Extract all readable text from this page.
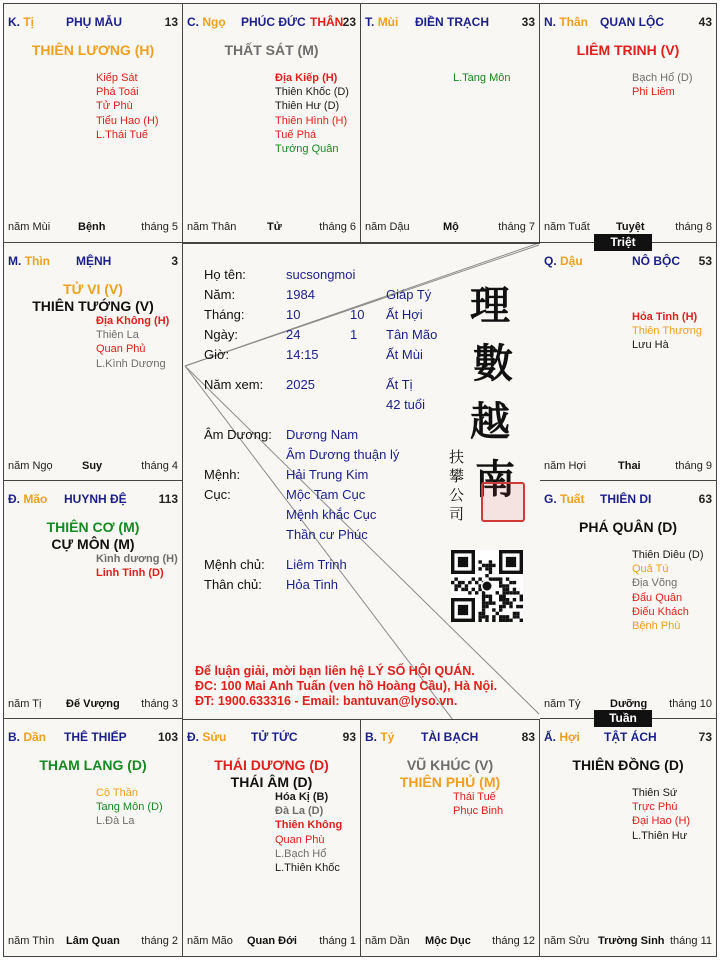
K. Tị	PHỤ MẪU	13
THIÊN LƯƠNG (H)
Kiếp Sát
Phá Toái
Tử Phù
Tiểu Hao (H)
L.Thái Tuế
năm Mùi	Bệnh	tháng 5
C. Ngọ PHÚC ĐỨC THÂN 23
THẤT SÁT (M)
Địa Kiếp (H)
Thiên Khốc (D)
Thiên Hư (D)
Thiên Hình (H)
Tuế Phá
Tướng Quân
năm Thân	Tử	tháng 6
T. Mùi ĐIỀN TRẠCH	33
L.Tang Môn
năm Dậu	Mộ	tháng 7
N. Thân QUAN LỘC	43
LIÊM TRINH (V)
Bạch Hổ (D)
Phi Liêm
năm Tuất Tuyệt	tháng 8
M. Thìn MỆNH	3
TỬ VI (V)
THIÊN TƯỚNG (V)
Địa Không (H)
Thiên La
Quan Phủ
L.Kình Dương
năm Ngọ	Suy	tháng 4
Q. Dậu	NÔ BỘC 53
Hỏa Tinh (H)
Thiên Thương
Lưu Hà
năm Hợi	Thai	tháng 9
Đ. Mão HUYNH ĐỆ	113
THIÊN CƠ (M)
CỰ MÔN (M)
Kình dương (H)
Linh Tinh (D)
năm Tị Đế Vượng tháng 3
G. Tuất THIÊN DI	63
PHÁ QUÂN (D)
Thiên Diêu (D)
Quả Tú
Địa Võng
Đẩu Quân
Điếu Khách
Bệnh Phù
năm Tý	Dưỡng tháng 10
B. Dần THÊ THIẾP	103
THAM LANG (D)
Cô Thần
Tang Môn (D)
L.Đà La
năm Thìn Lâm Quan tháng 2
Đ. Sửu TỬ TỨC	93
THÁI DƯƠNG (D)
THÁI ÂM (D)
Hóa Kị (B)
Đà La (D)
Thiên Không
Quan Phù
L.Bạch Hổ
L.Thiên Khốc
năm Mão Quan Đới tháng 1
B. Tý TÀI BẠCH	83
VŨ KHÚC (V)
THIÊN PHỦ (M)
Thái Tuế
Phục Binh
năm Dần Mộc Dục tháng 12
Ấ. Hợi TẬT ÁCH	73
THIÊN ĐỒNG (D)
Thiên Sứ
Trực Phù
Đại Hao (H)
L.Thiên Hư
năm Sửu Trường Sinh tháng 11
Họ tên:	sucsongmoi
Năm:	1984	Giáp Tý
Tháng:	10	10 Ất Hợi
Ngày:	24	1 Tân Mão
Giờ:	14:15	Ất Mùi
Năm xem: 2025	Ất Tị
42 tuổi
Âm Dương: Dương Nam
Âm Dương thuận lý
Mệnh:	Hải Trung Kim
Cục:	Mộc Tam Cục
Mệnh khắc Cục
Thần cư Phúc
Mệnh chủ: Liêm Trinh
Thân chủ: Hỏa Tinh
理
數
越
南
扶
攀
公
司
Để luận giải, mời bạn liên hệ LÝ SỐ HỘI QUÁN.
ĐC: 100 Mai Anh Tuấn (ven hồ Hoàng Cầu), Hà Nội.
ĐT: 1900.633316 - Email: bantuvan@lyso.vn.
Triệt
Tuần
